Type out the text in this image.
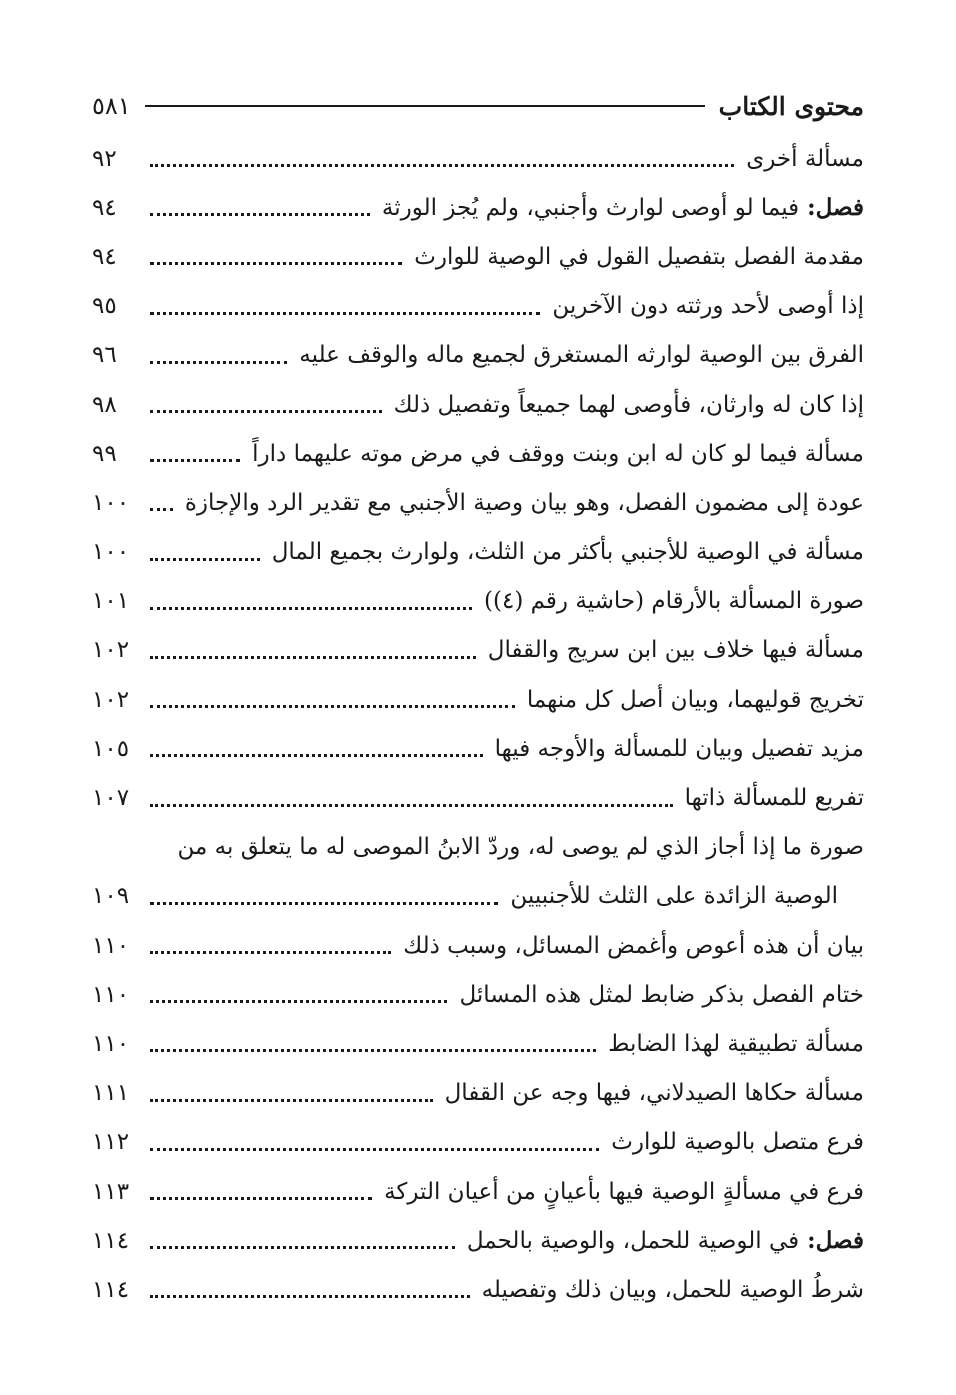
محتوى الكتاب
٥٨١
مسألة أخرى
٩٢
فصل: فيما لو أوصى لوارث وأجنبي، ولم يُجز الورثة
٩٤
مقدمة الفصل بتفصيل القول في الوصية للوارث
٩٤
إذا أوصى لأحد ورثته دون الآخرين
٩٥
الفرق بين الوصية لوارثه المستغرق لجميع ماله والوقف عليه
٩٦
إذا كان له وارثان، فأوصى لهما جميعاً وتفصيل ذلك
٩٨
مسألة فيما لو كان له ابن وبنت ووقف في مرض موته عليهما داراً
٩٩
عودة إلى مضمون الفصل، وهو بيان وصية الأجنبي مع تقدير الرد والإجازة
١٠٠
مسألة في الوصية للأجنبي بأكثر من الثلث، ولوارث بجميع المال
١٠٠
صورة المسألة بالأرقام (حاشية رقم (٤))
١٠١
مسألة فيها خلاف بين ابن سريج والقفال
١٠٢
تخريج قوليهما، وبيان أصل كل منهما
١٠٢
مزيد تفصيل وبيان للمسألة والأوجه فيها
١٠٥
تفريع للمسألة ذاتها
١٠٧
صورة ما إذا أجاز الذي لم يوصى له، وردّ الابنُ الموصى له ما يتعلق به من
الوصية الزائدة على الثلث للأجنبيين
١٠٩
بيان أن هذه أعوص وأغمض المسائل، وسبب ذلك
١١٠
ختام الفصل بذكر ضابط لمثل هذه المسائل
١١٠
مسألة تطبيقية لهذا الضابط
١١٠
مسألة حكاها الصيدلاني، فيها وجه عن القفال
١١١
فرع متصل بالوصية للوارث
١١٢
فرع في مسألةٍ الوصية فيها بأعيانٍ من أعيان التركة
١١٣
فصل: في الوصية للحمل، والوصية بالحمل
١١٤
شرطُ الوصية للحمل، وبيان ذلك وتفصيله
١١٤
